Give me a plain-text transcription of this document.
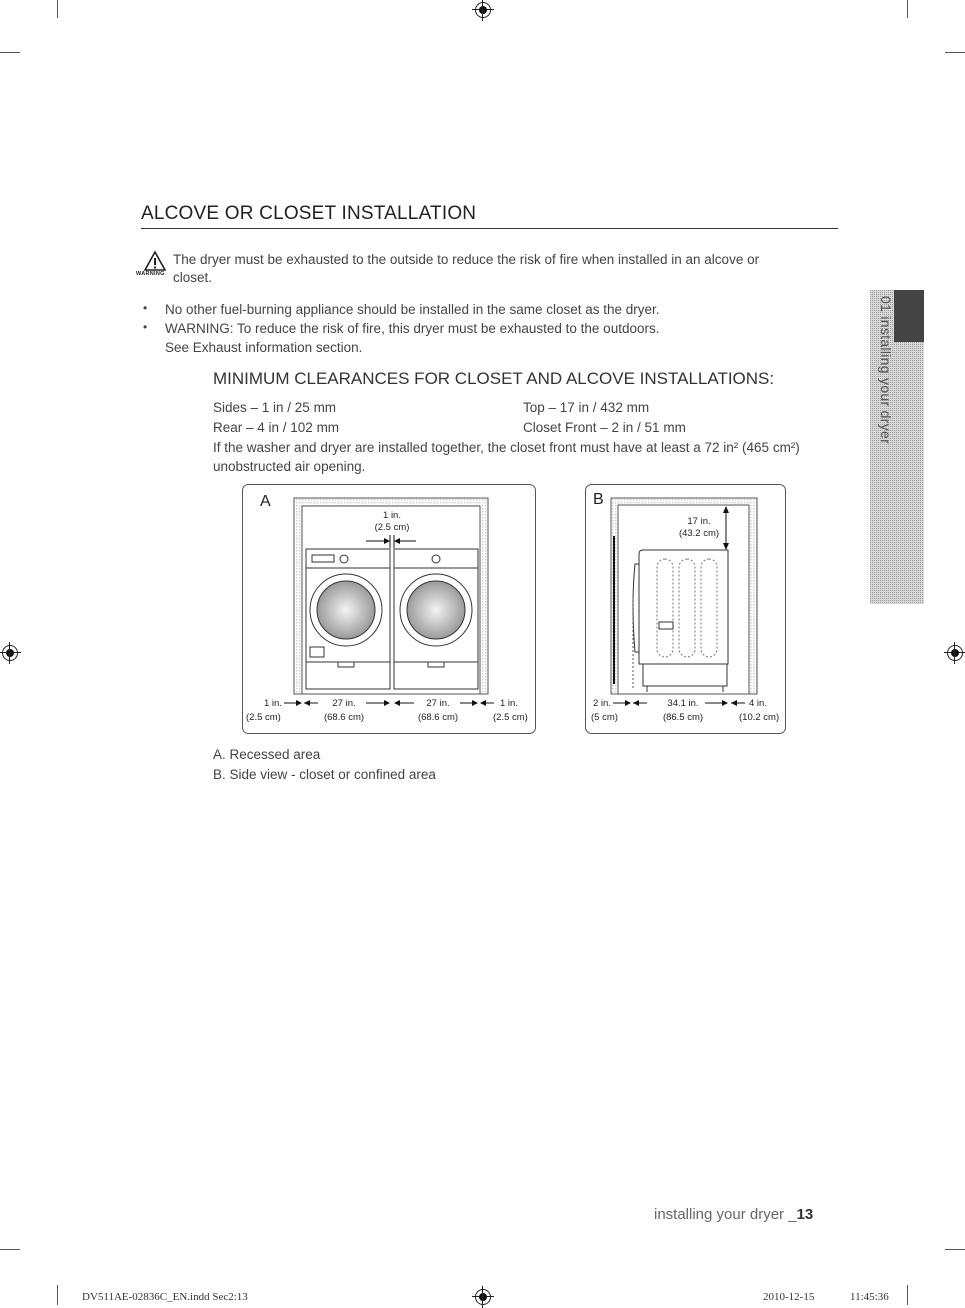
ALCOVE OR CLOSET INSTALLATION
WARNING
The dryer must be exhausted to the outside to reduce the risk of fire when installed in an alcove or
closet.
• No other fuel-burning appliance should be installed in the same closet as the dryer.
• WARNING: To reduce the risk of fire, this dryer must be exhausted to the outdoors.
See Exhaust information section.
MINIMUM CLEARANCES FOR CLOSET AND ALCOVE INSTALLATIONS:
Sides – 1 in / 25 mm	Top – 17 in / 432 mm
Rear – 4 in / 102 mm	Closet Front – 2 in / 51 mm
If the washer and dryer are installed together, the closet front must have at least a 72 in² (465 cm²)
unobstructed air opening.
A
1 in.
(2.5 cm)
1 in.
(2.5 cm)
27 in.
(68.6 cm)
27 in.
(68.6 cm)
1 in.
(2.5 cm)
B
17 in.
(43.2 cm)
2 in.
(5 cm)
34.1 in.
(86.5 cm)
4 in.
(10.2 cm)
A. Recessed area
B. Side view - closet or confined area
01 installing your dryer
installing your dryer _13
DV511AE-02836C_EN.indd Sec2:13	2010-12-15	11:45:36
